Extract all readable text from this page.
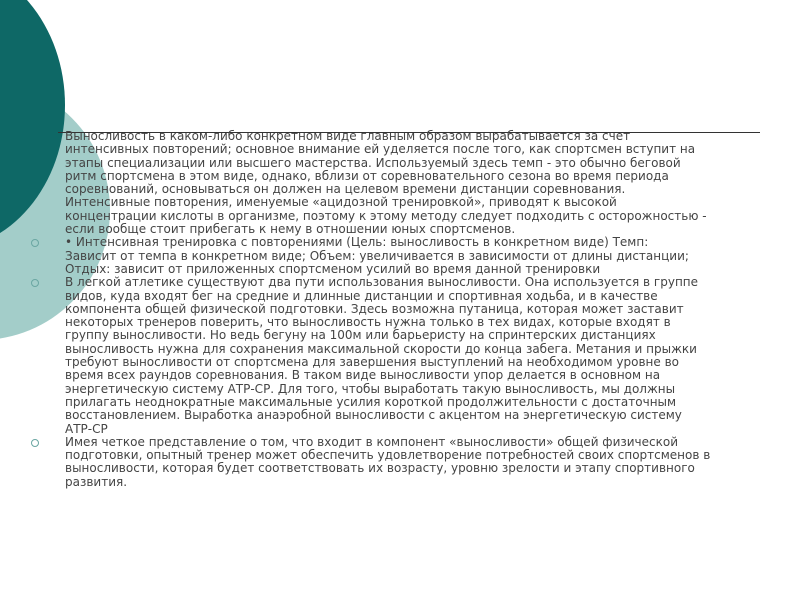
Выносливость в каком-либо конкретном виде главным образом вырабатывается за счет
интенсивных повторений; основное внимание ей уделяется после того, как спортсмен вступит на
этапы специализации или высшего мастерства. Используемый здесь темп - это обычно беговой
ритм спортсмена в этом виде, однако, вблизи от соревновательного сезона во время периода
соревнований, основываться он должен на целевом времени дистанции соревнования.

Интенсивные повторения, именуемые «ацидозной тренировкой», приводят к высокой
концентрации кислоты в организме, поэтому к этому методу следует подходить с осторожностью -
если вообще стоит прибегать к нему в отношении юных спортсменов.

• Интенсивная тренировка с повторениями (Цель: выносливость в конкретном виде) Темп:
Зависит от темпа в конкретном виде; Объем: увеличивается в зависимости от длины дистанции;
Отдых: зависит от приложенных спортсменом усилий во время данной тренировки

В легкой атлетике существуют два пути использования выносливости. Она используется в группе
видов, куда входят бег на средние и длинные дистанции и спортивная ходьба, и в качестве
компонента общей физической подготовки. Здесь возможна путаница, которая может заставит
некоторых тренеров поверить, что выносливость нужна только в тех видах, которые входят в
группу выносливости. Но ведь бегуну на 100м или барьеристу на спринтерских дистанциях
выносливость нужна для сохранения максимальной скорости до конца забега. Метания и прыжки
требуют выносливости от спортсмена для завершения выступлений на необходимом уровне во
время всех раундов соревнования. В таком виде выносливости упор делается в основном на
энергетическую систему АТР-СР. Для того, чтобы выработать такую выносливость, мы должны
прилагать неоднократные максимальные усилия короткой продолжительности с достаточным
восстановлением. Выработка анаэробной выносливости с акцентом на энергетическую систему
АТР-СР

Имея четкое представление о том, что входит в компонент «выносливости» общей физической
подготовки, опытный тренер может обеспечить удовлетворение потребностей своих спортсменов в
выносливости, которая будет соответствовать их возрасту, уровню зрелости и этапу спортивного
развития.
